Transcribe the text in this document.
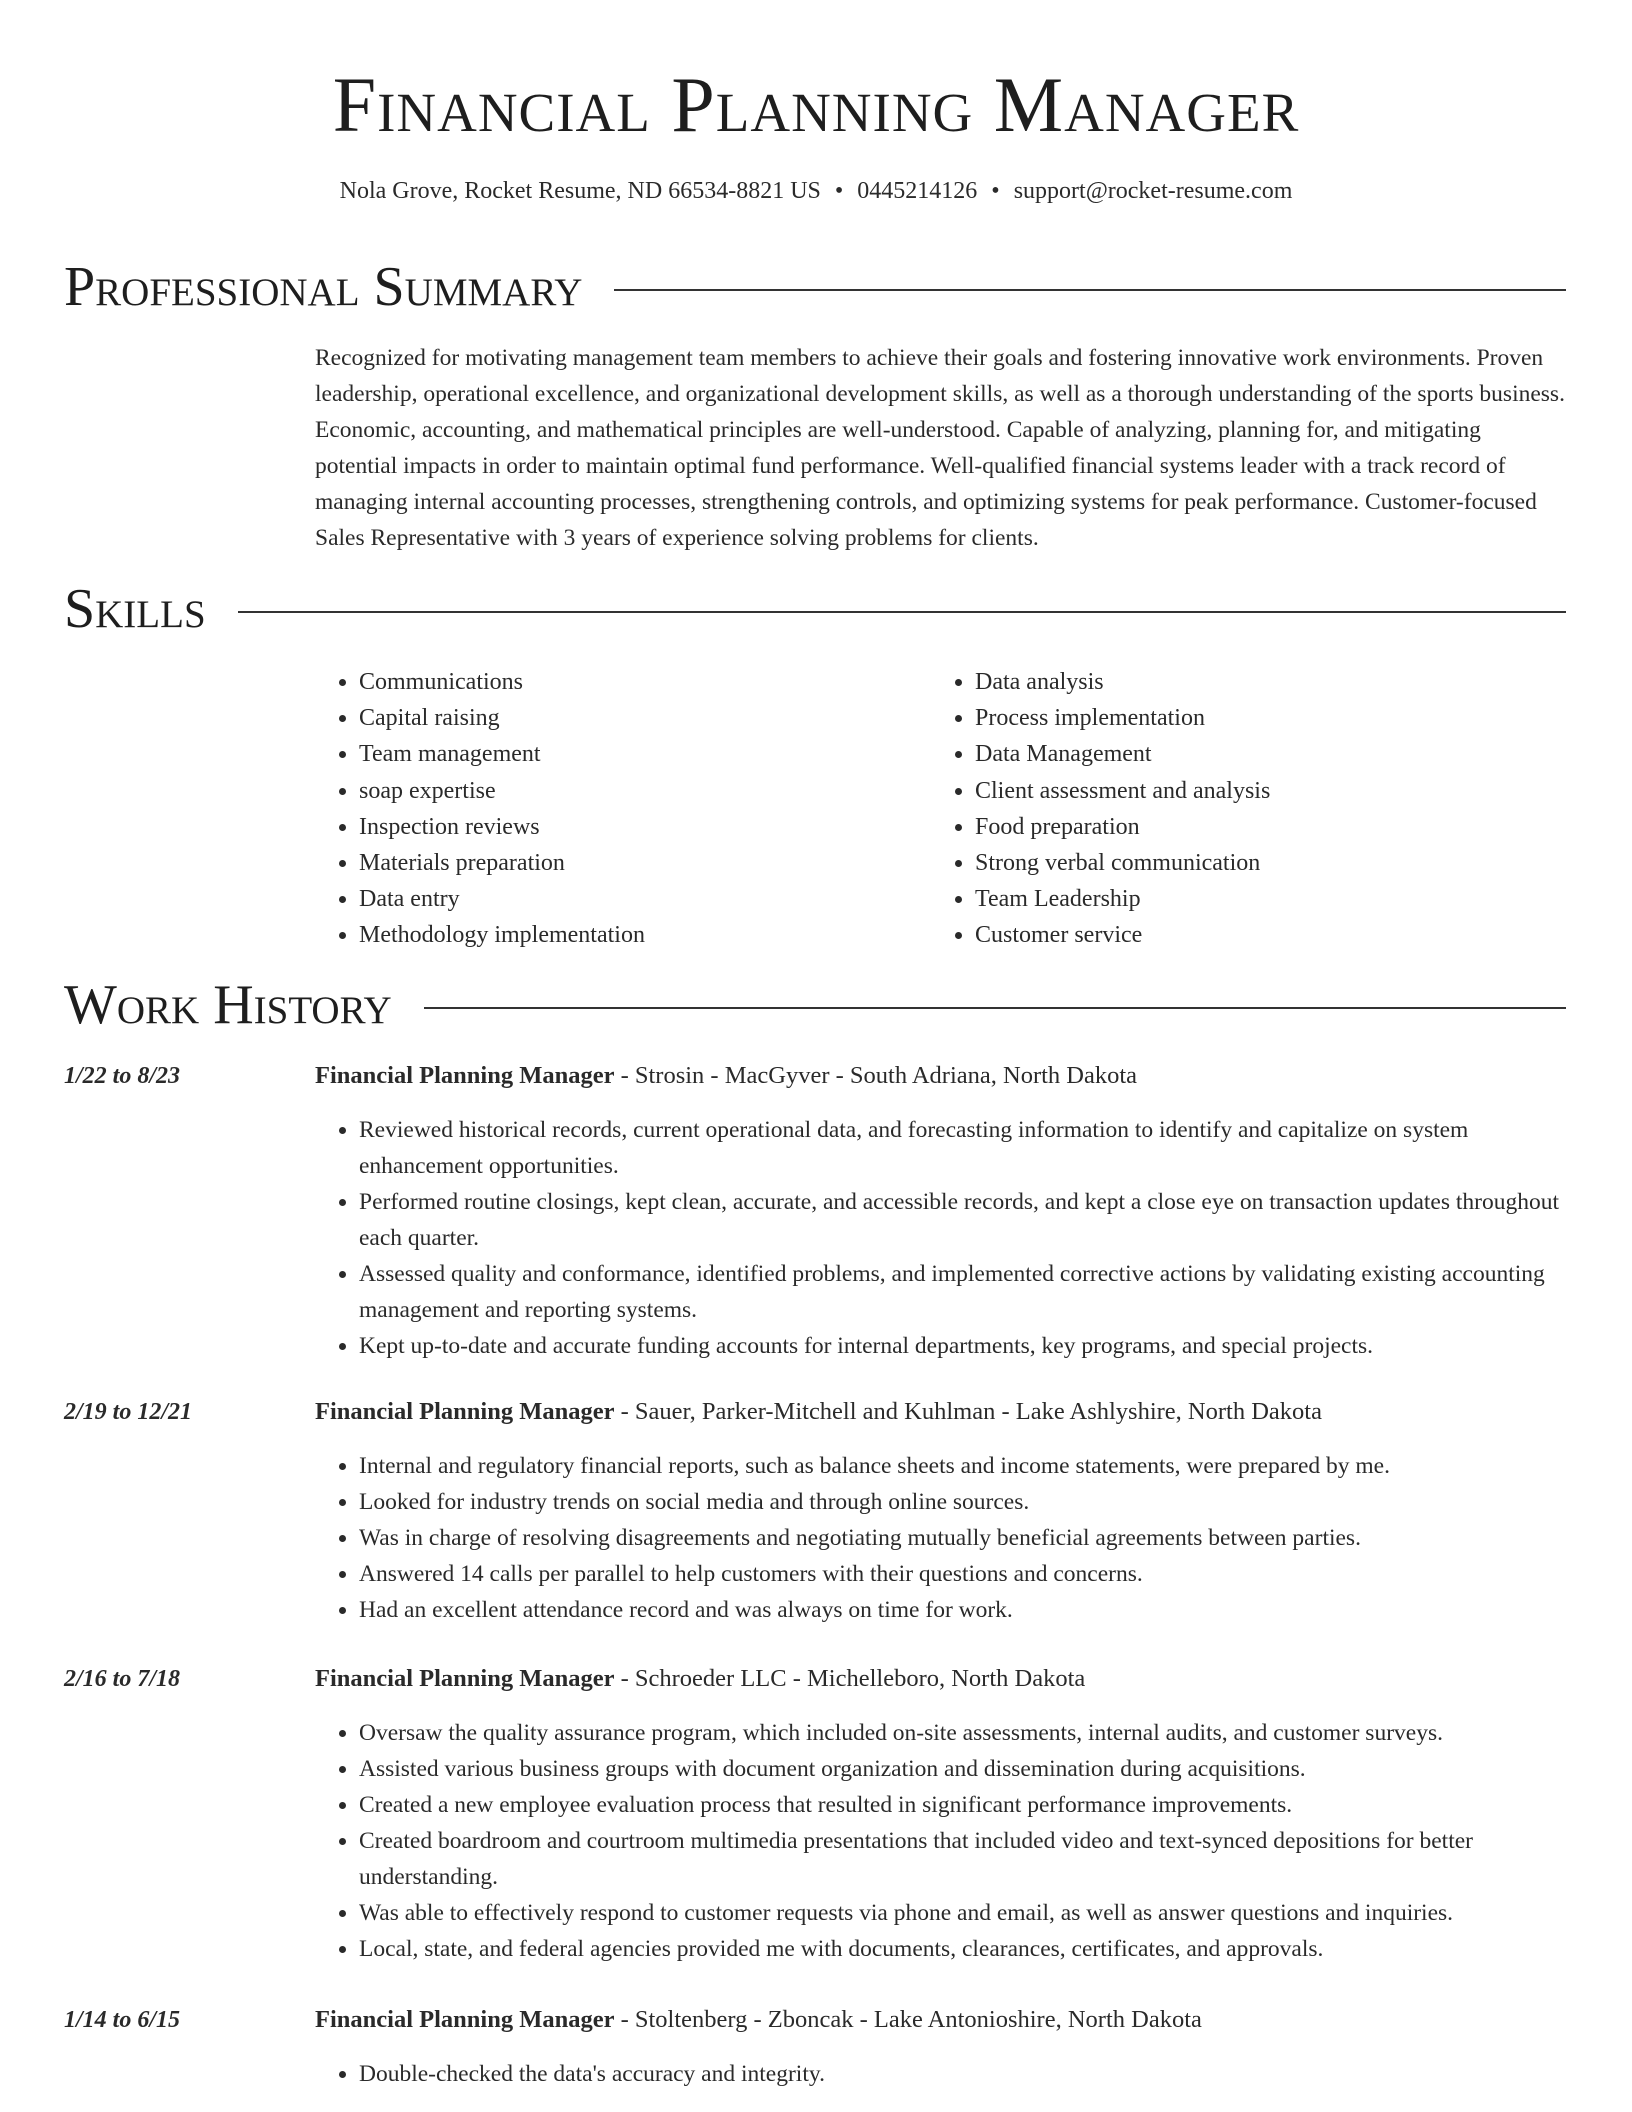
Financial Planning Manager
Nola Grove, Rocket Resume, ND 66534-8821 US • 0445214126 • support@rocket-resume.com
Professional Summary

Recognized for motivating management team members to achieve their goals and fostering innovative work environments. Proven leadership, operational excellence, and organizational development skills, as well as a thorough understanding of the sports business. Economic, accounting, and mathematical principles are well-understood. Capable of analyzing, planning for, and mitigating potential impacts in order to maintain optimal fund performance. Well-qualified financial systems leader with a track record of managing internal accounting processes, strengthening controls, and optimizing systems for peak performance. Customer-focused Sales Representative with 3 years of experience solving problems for clients.

Skills
• Communications
• Capital raising
• Team management
• soap expertise
• Inspection reviews
• Materials preparation
• Data entry
• Methodology implementation
• Data analysis
• Process implementation
• Data Management
• Client assessment and analysis
• Food preparation
• Strong verbal communication
• Team Leadership
• Customer service
Work History
1/22 to 8/23	Financial Planning Manager - Strosin - MacGyver - South Adriana, North Dakota
• Reviewed historical records, current operational data, and forecasting information to identify and capitalize on system enhancement opportunities.
• Performed routine closings, kept clean, accurate, and accessible records, and kept a close eye on transaction updates throughout each quarter.
• Assessed quality and conformance, identified problems, and implemented corrective actions by validating existing accounting management and reporting systems.
• Kept up-to-date and accurate funding accounts for internal departments, key programs, and special projects.
2/19 to 12/21	Financial Planning Manager - Sauer, Parker-Mitchell and Kuhlman - Lake Ashlyshire, North Dakota
• Internal and regulatory financial reports, such as balance sheets and income statements, were prepared by me.
• Looked for industry trends on social media and through online sources.
• Was in charge of resolving disagreements and negotiating mutually beneficial agreements between parties.
• Answered 14 calls per parallel to help customers with their questions and concerns.
• Had an excellent attendance record and was always on time for work.
2/16 to 7/18	Financial Planning Manager - Schroeder LLC - Michelleboro, North Dakota
• Oversaw the quality assurance program, which included on-site assessments, internal audits, and customer surveys.
• Assisted various business groups with document organization and dissemination during acquisitions.
• Created a new employee evaluation process that resulted in significant performance improvements.
• Created boardroom and courtroom multimedia presentations that included video and text-synced depositions for better understanding.
• Was able to effectively respond to customer requests via phone and email, as well as answer questions and inquiries.
• Local, state, and federal agencies provided me with documents, clearances, certificates, and approvals.
1/14 to 6/15	Financial Planning Manager - Stoltenberg - Zboncak - Lake Antonioshire, North Dakota
• Double-checked the data's accuracy and integrity.
